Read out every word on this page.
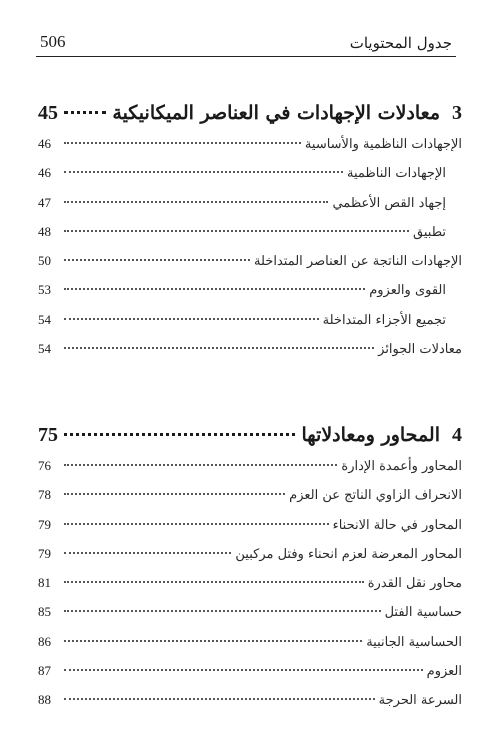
506	جدول المحتويات
3
معادلات الإجهادات في العناصر الميكانيكية
45
الإجهادات الناظمية والأساسية
46
الإجهادات الناظمية
46
إجهاد القص الأعظمي
47
تطبيق
48
الإجهادات الناتجة عن العناصر المتداخلة
50
القوى والعزوم
53
تجميع الأجزاء المتداخلة
54
معادلات الجوائز
54
4
المحاور ومعادلاتها
75
المحاور وأعمدة الإدارة
76
الانحراف الزاوي الناتج عن العزم
78
المحاور في حالة الانحناء
79
المحاور المعرضة لعزم انحناء وفتل مركبين
79
محاور نقل القدرة
81
حساسية الفتل
85
الحساسية الجانبية
86
العزوم
87
السرعة الحرجة
88
